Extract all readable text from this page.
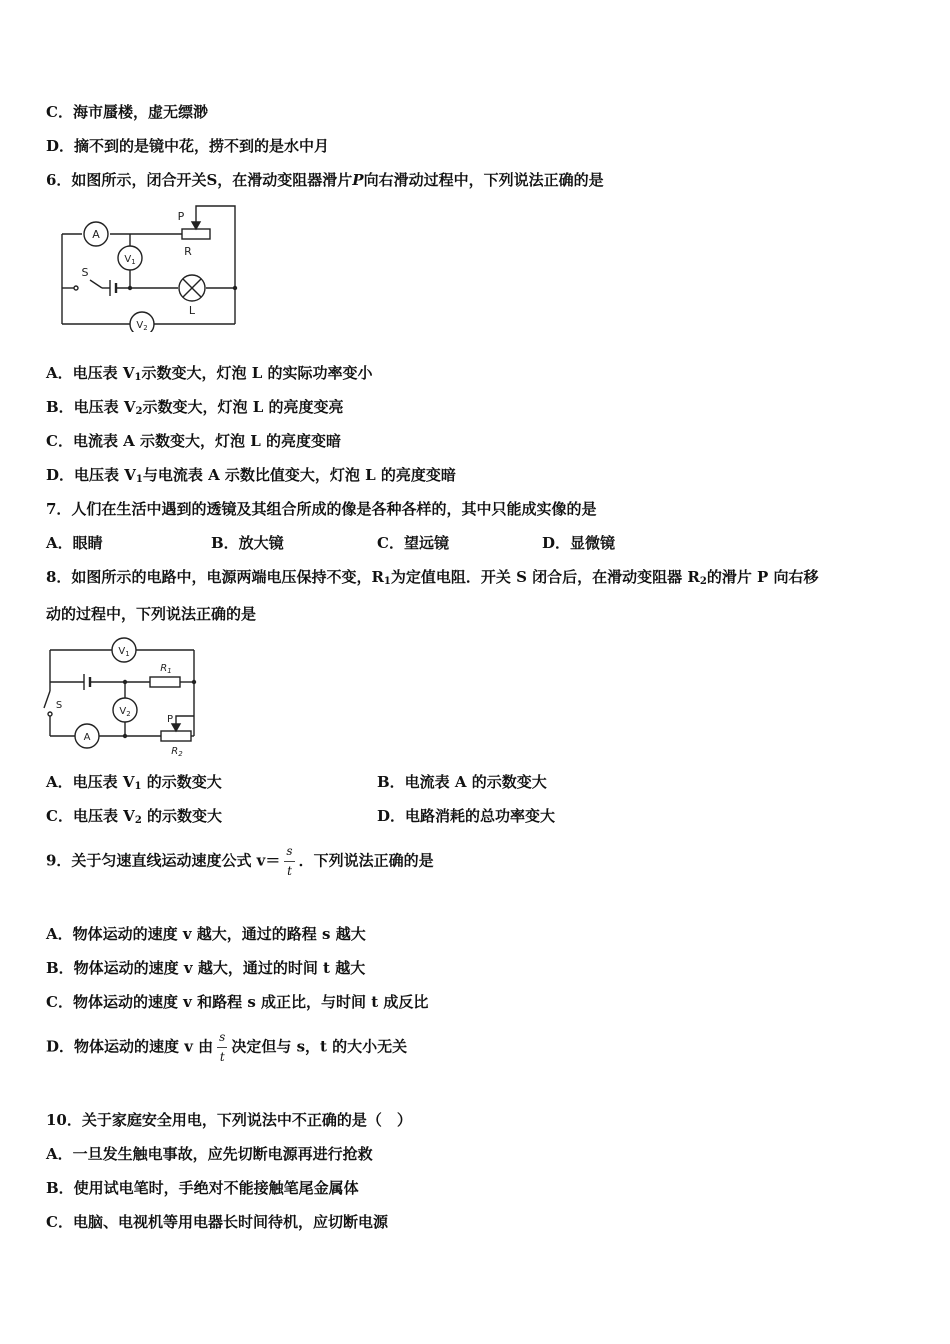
C．海市蜃楼，虚无缥渺
D．摘不到的是镜中花，捞不到的是水中月
6．如图所示，闭合开关S，在滑动变阻器滑片P向右滑动过程中，下列说法正确的是
A
$V_1$
$V_2$
P
R
S
L
A．电压表 $V_1$示数变大，灯泡 L 的实际功率变小
B．电压表 $V_2$示数变大，灯泡 L 的亮度变亮
C．电流表 A 示数变大，灯泡 L 的亮度变暗
D．电压表 $V_1$与电流表 A 示数比值变大，灯泡 L 的亮度变暗
7．人们在生活中遇到的透镜及其组合所成的像是各种各样的，其中只能成实像的是
A．眼睛	B．放大镜	C．望远镜	D．显微镜
8．如图所示的电路中，电源两端电压保持不变，$R_1$为定值电阻．开关 S 闭合后，在滑动变阻器 $R_2$的滑片 P 向右移
动的过程中，下列说法正确的是
$V_1$
$V_2$
$R_1$
$R_2$
P
S
A
A．电压表 $V_1$ 的示数变大	B．电流表 A 的示数变大
C．电压表 $V_2$ 的示数变大	D．电路消耗的总功率变大
9．关于匀速直线运动速度公式 $v= \frac{s}{t}$ ．下列说法正确的是
A．物体运动的速度 v 越大，通过的路程 s 越大
B．物体运动的速度 v 越大，通过的时间 t 越大
C．物体运动的速度 v 和路程 s 成正比，与时间 t 成反比
D．物体运动的速度 v 由 $\frac{s}{t}$ 决定但与 s，t 的大小无关
10．关于家庭安全用电，下列说法中不正确的是（　）
A．一旦发生触电事故，应先切断电源再进行抢救
B．使用试电笔时，手绝对不能接触笔尾金属体
C．电脑、电视机等用电器长时间待机，应切断电源
